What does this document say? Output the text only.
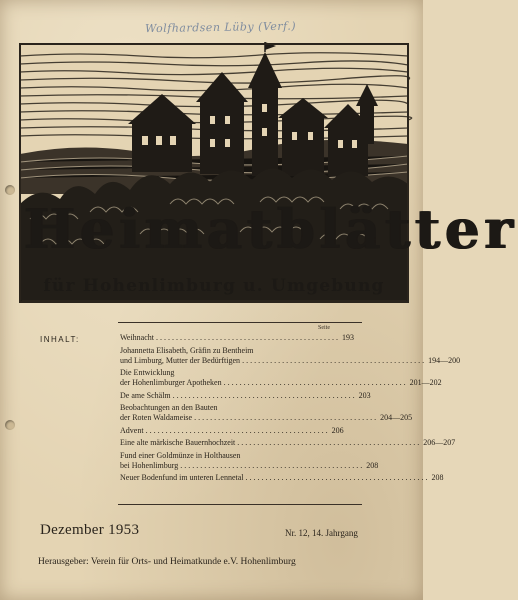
Wolfhardsen Lüby (Verf.)
Heimatblätter
für Hohenlimburg u. Umgebung
Seite
INHALT:	Weihnacht . . .	193
Johannetta Elisabeth, Gräfin zu Bentheim
und Limburg, Mutter der Bedürftigen . . .	194—200
Die Entwicklung
der Hohenlimburger Apotheken . . .	201—202
De ame Schälm . . .	203
Beobachtungen an den Bauten
der Roten Waldameise . . .	204—205
Advent . . .	206
Eine alte märkische Bauernhochzeit . . .	206—207
Fund einer Goldmünze in Holthausen
bei Hohenlimburg . . .	208
Neuer Bodenfund im unteren Lennetal . . .	208
Dezember 1953	Nr. 12, 14. Jahrgang
Herausgeber: Verein für Orts- und Heimatkunde e.V. Hohenlimburg
